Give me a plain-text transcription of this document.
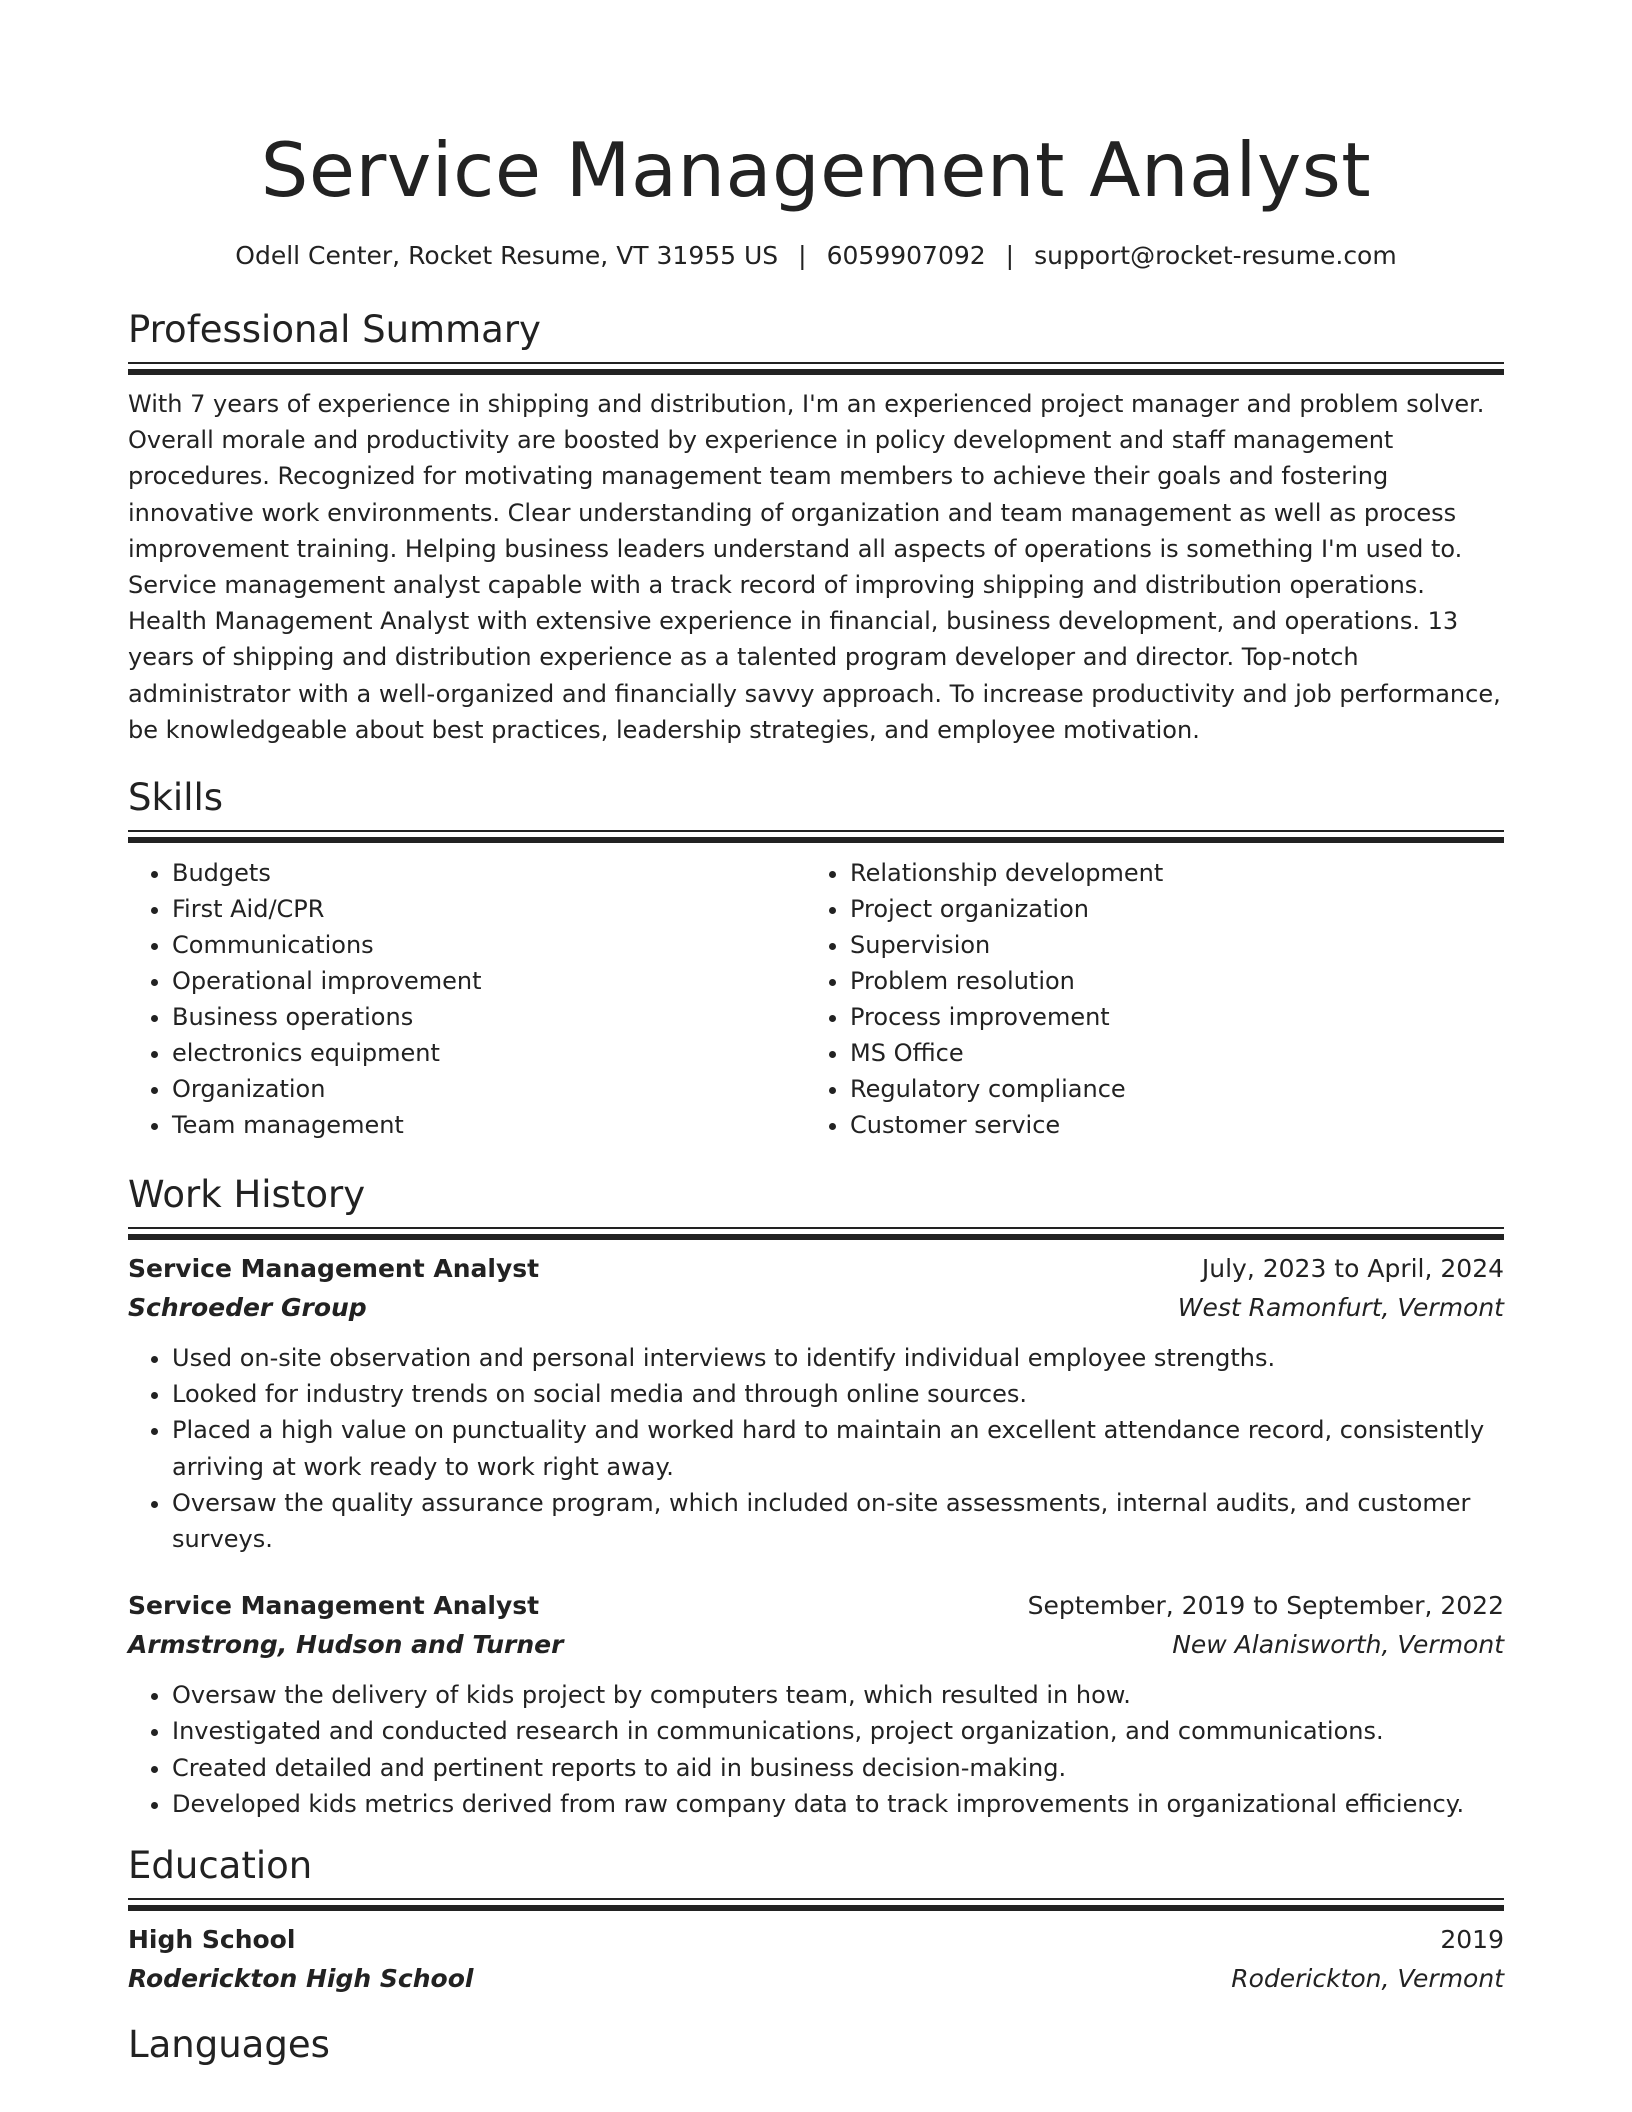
Service Management Analyst
Odell Center, Rocket Resume, VT 31955 US | 6059907092 | support@rocket-resume.com
Professional Summary
With 7 years of experience in shipping and distribution, I'm an experienced project manager and problem solver. Overall morale and productivity are boosted by experience in policy development and staff management procedures. Recognized for motivating management team members to achieve their goals and fostering innovative work environments. Clear understanding of organization and team management as well as process improvement training. Helping business leaders understand all aspects of operations is something I'm used to. Service management analyst capable with a track record of improving shipping and distribution operations. Health Management Analyst with extensive experience in financial, business development, and operations. 13 years of shipping and distribution experience as a talented program developer and director. Top-notch administrator with a well-organized and financially savvy approach. To increase productivity and job performance, be knowledgeable about best practices, leadership strategies, and employee motivation.
Skills
• Budgets
• First Aid/CPR
• Communications
• Operational improvement
• Business operations
• electronics equipment
• Organization
• Team management
• Relationship development
• Project organization
• Supervision
• Problem resolution
• Process improvement
• MS Office
• Regulatory compliance
• Customer service
Work History
Service Management Analyst	July, 2023 to April, 2024
Schroeder Group	West Ramonfurt, Vermont
• Used on-site observation and personal interviews to identify individual employee strengths.
• Looked for industry trends on social media and through online sources.
• Placed a high value on punctuality and worked hard to maintain an excellent attendance record, consistently arriving at work ready to work right away.
• Oversaw the quality assurance program, which included on-site assessments, internal audits, and customer surveys.
Service Management Analyst	September, 2019 to September, 2022
Armstrong, Hudson and Turner	New Alanisworth, Vermont
• Oversaw the delivery of kids project by computers team, which resulted in how.
• Investigated and conducted research in communications, project organization, and communications.
• Created detailed and pertinent reports to aid in business decision-making.
• Developed kids metrics derived from raw company data to track improvements in organizational efficiency.
Education
High School	2019
Roderickton High School	Roderickton, Vermont
Languages
